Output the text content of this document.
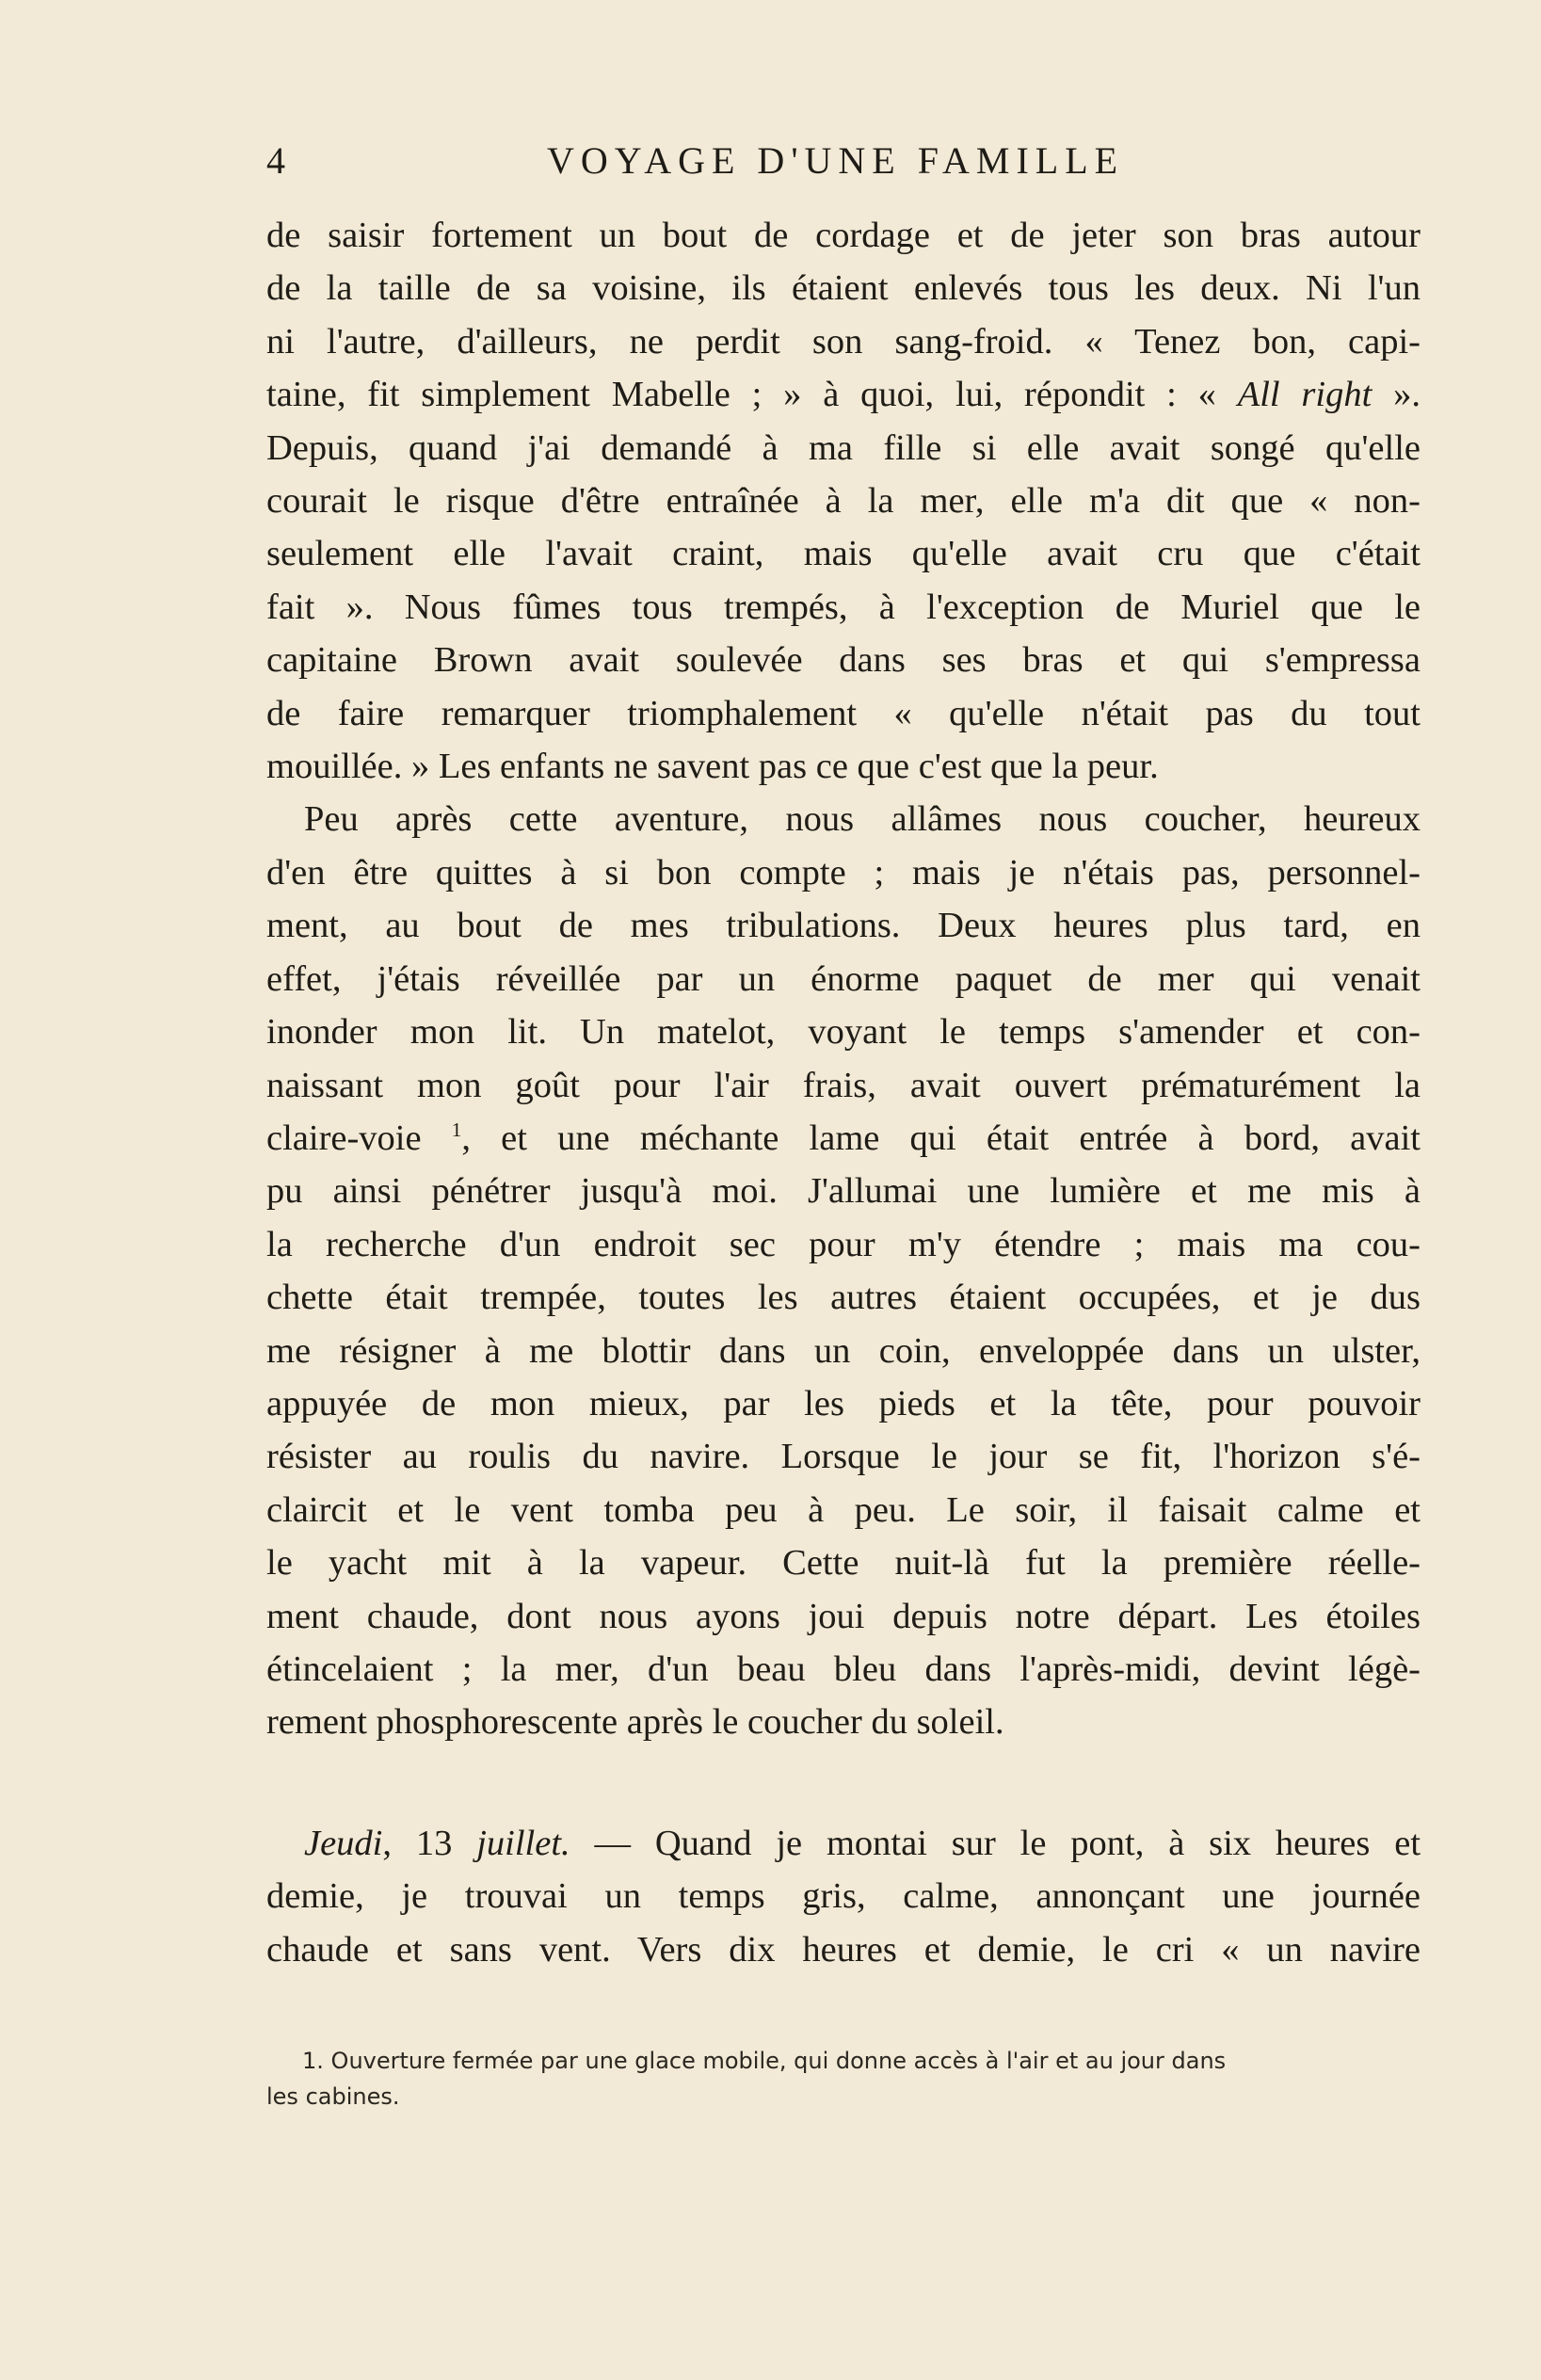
4	VOYAGE D'UNE FAMILLE

de saisir fortement un bout de cordage et de jeter son bras autour
de la taille de sa voisine, ils étaient enlevés tous les deux. Ni l'un
ni l'autre, d'ailleurs, ne perdit son sang-froid. « Tenez bon, capi-
taine, fit simplement Mabelle ; » à quoi, lui, répondit : « All right ».
Depuis, quand j'ai demandé à ma fille si elle avait songé qu'elle
courait le risque d'être entraînée à la mer, elle m'a dit que « non-
seulement elle l'avait craint, mais qu'elle avait cru que c'était
fait ». Nous fûmes tous trempés, à l'exception de Muriel que le
capitaine Brown avait soulevée dans ses bras et qui s'empressa
de faire remarquer triomphalement « qu'elle n'était pas du tout
mouillée. » Les enfants ne savent pas ce que c'est que la peur.

Peu après cette aventure, nous allâmes nous coucher, heureux
d'en être quittes à si bon compte ; mais je n'étais pas, personnel-
ment, au bout de mes tribulations. Deux heures plus tard, en
effet, j'étais réveillée par un énorme paquet de mer qui venait
inonder mon lit. Un matelot, voyant le temps s'amender et con-
naissant mon goût pour l'air frais, avait ouvert prématurément la
claire-voie $^1$, et une méchante lame qui était entrée à bord, avait
pu ainsi pénétrer jusqu'à moi. J'allumai une lumière et me mis à
la recherche d'un endroit sec pour m'y étendre ; mais ma cou-
chette était trempée, toutes les autres étaient occupées, et je dus
me résigner à me blottir dans un coin, enveloppée dans un ulster,
appuyée de mon mieux, par les pieds et la tête, pour pouvoir
résister au roulis du navire. Lorsque le jour se fit, l'horizon s'é-
claircit et le vent tomba peu à peu. Le soir, il faisait calme et
le yacht mit à la vapeur. Cette nuit-là fut la première réelle-
ment chaude, dont nous ayons joui depuis notre départ. Les étoiles
étincelaient ; la mer, d'un beau bleu dans l'après-midi, devint légè-
rement phosphorescente après le coucher du soleil.

Jeudi, 13 juillet. — Quand je montai sur le pont, à six heures et
demie, je trouvai un temps gris, calme, annonçant une journée
chaude et sans vent. Vers dix heures et demie, le cri « un navire
1. Ouverture fermée par une glace mobile, qui donne accès à l'air et au jour dans
les cabines.
